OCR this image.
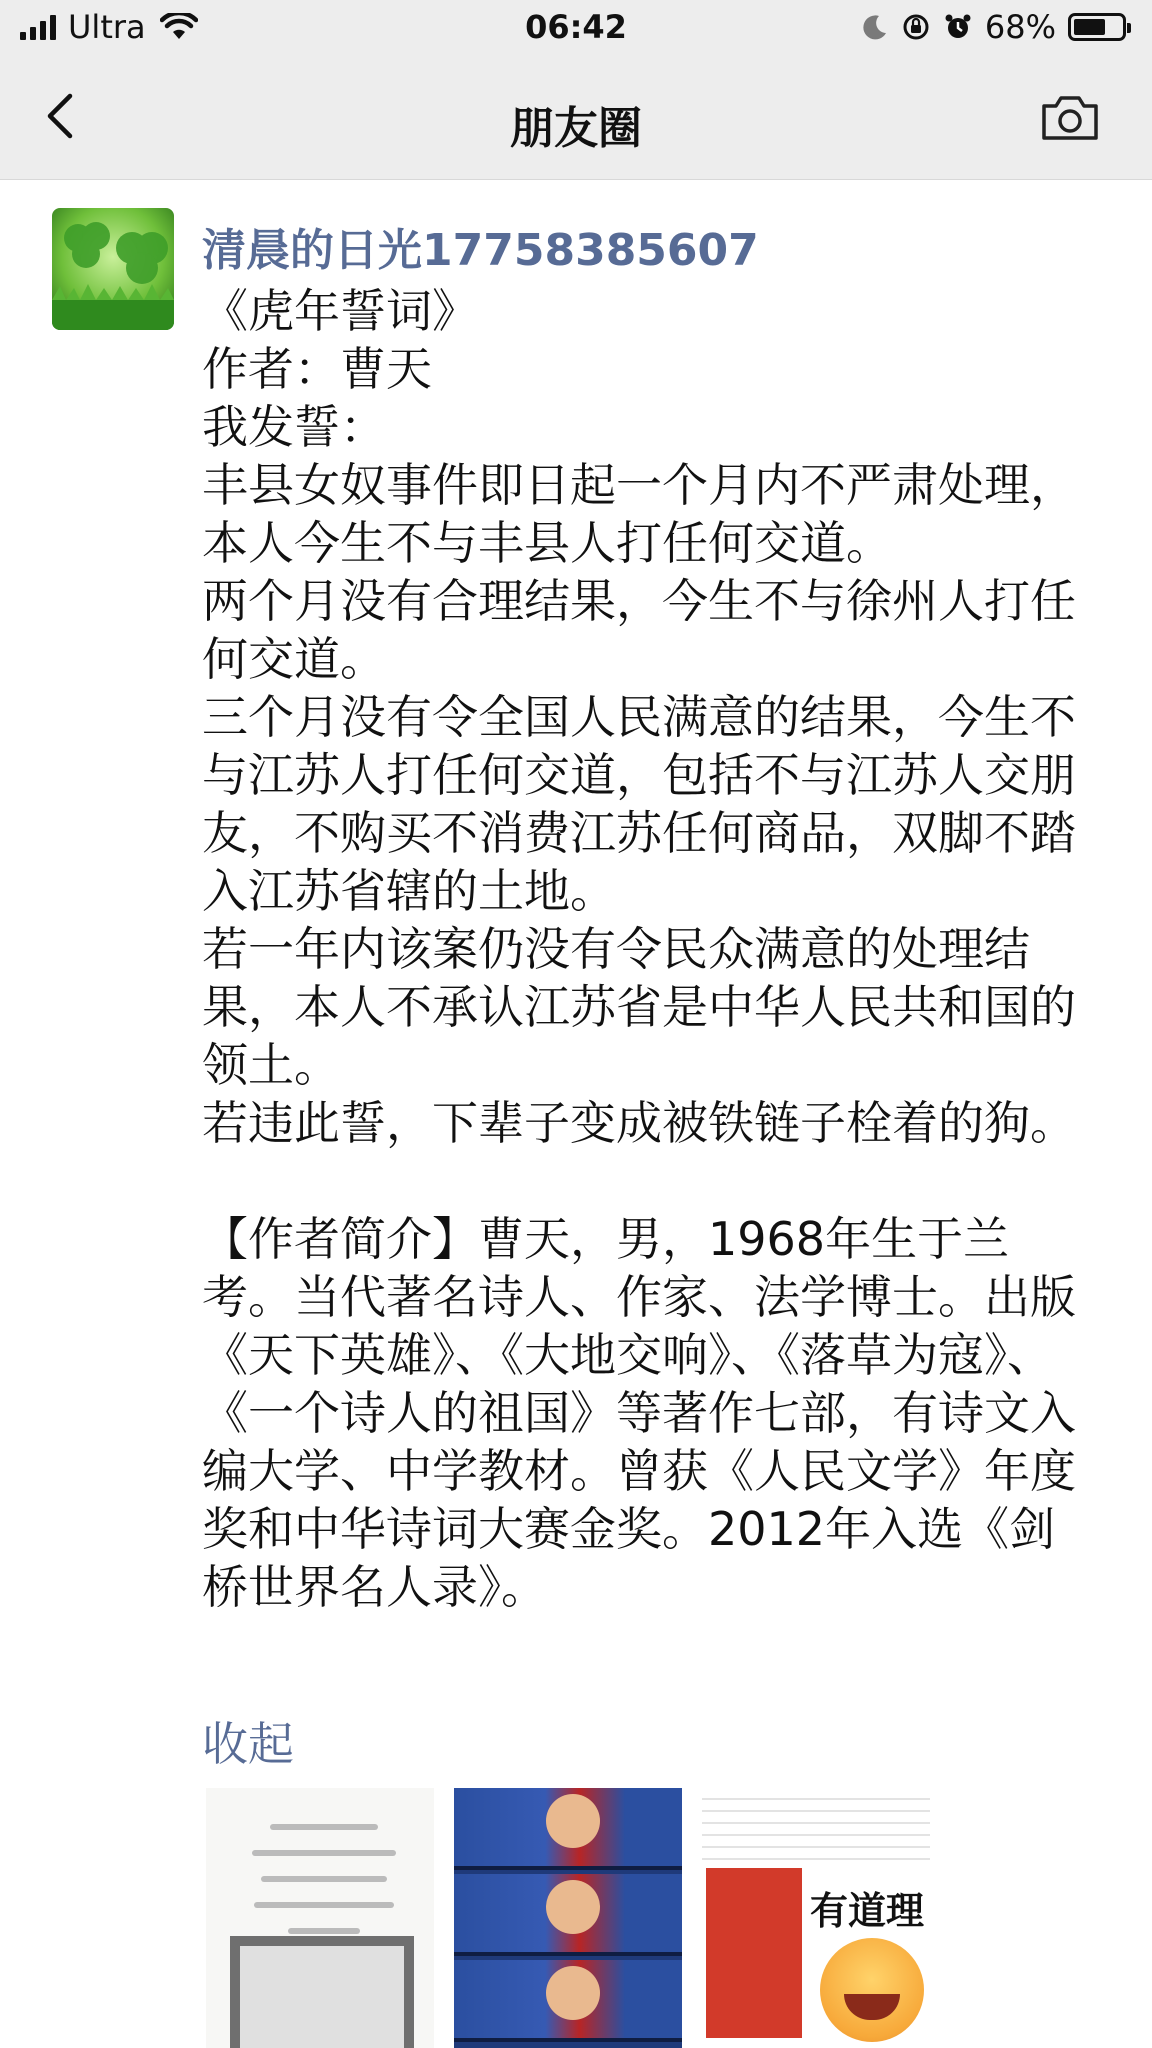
Ultra	06:42	68%
朋友圈
清晨的日光17758385607
《虎年誓词》
作者：曹天
我发誓：
丰县女奴事件即日起一个月内不严肃处理，本人今生不与丰县人打任何交道。
两个月没有合理结果，今生不与徐州人打任何交道。
三个月没有令全国人民满意的结果，今生不与江苏人打任何交道，包括不与江苏人交朋友，不购买不消费江苏任何商品，双脚不踏入江苏省辖的土地。
若一年内该案仍没有令民众满意的处理结果，本人不承认江苏省是中华人民共和国的领土。
若违此誓，下辈子变成被铁链子栓着的狗。

【作者简介】曹天，男，1968年生于兰考。当代著名诗人、作家、法学博士。出版《天下英雄》、《大地交响》、《落草为寇》、《一个诗人的祖国》等著作七部，有诗文入编大学、中学教材。曾获《人民文学》年度奖和中华诗词大赛金奖。2012年入选《剑桥世界名人录》。
收起
有道理
